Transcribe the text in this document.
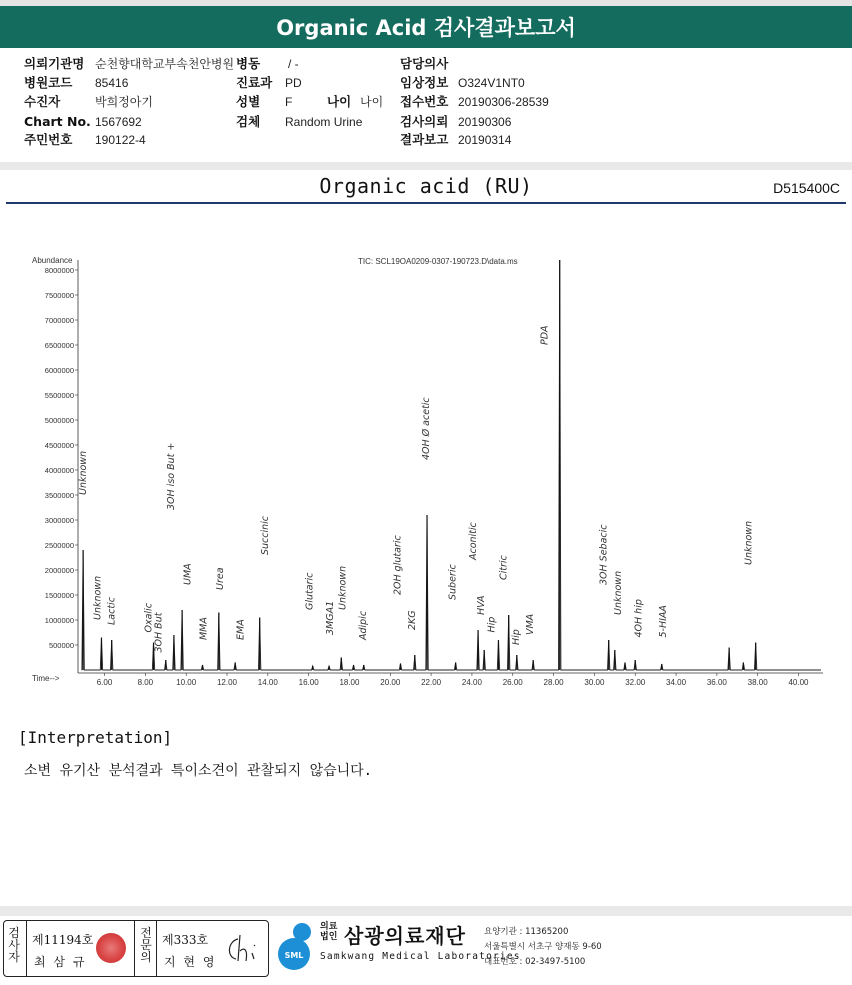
Organic Acid 검사결과보고서
의뢰기관명 순천향대학교부속천안병원 병동 / -	담당의사
병원코드 85416	진료과 PD	임상정보 O324V1NT0
수진자	박희정아기	성별 F	나이 나이 접수번호 20190306-28539
Chart No. 1567692	검체 Random Urine	검사의뢰 20190306
주민번호 190122-4	결과보고 20190314
Organic acid (RU)	D515400C
500000
1000000
1500000
2000000
2500000
3000000
3500000
4000000
4500000
5000000
5500000
6000000
6500000
7000000
7500000
8000000
6.00	8.00	10.00	12.00	14.00	16.00	18.00	20.00	22.00	24.00	26.00	28.00	30.00	32.00	34.00	36.00	38.00	40.00
Unknown
Unknown Lactic	Oxalic 3OH But
3OH iso But +
UMA
MMA
Urea
EMA
Succinic
Glutaric
3MGA1
Unknown
Adipic
2OH glutaric
2KG
4OH Ø acetic
Suberic
Aconitic
HVA
Hip
Citric
Hip
VMA
PDA
3OH Sebacic
Unknown
4OH hip 5-HIAA
Unknown
TIC: SCL19OA0209-0307-190723.D\data.ms
Abundance
Time-->
[Interpretation]
소변 유기산 분석결과 특이소견이 관찰되지 않습니다.
검
사
자
제11194호
최 삼 규
전
문
의
제333호
지 현 영	SML
의료법인 삼광의료재단
Samkwang Medical Laboratories
요양기관 : 11365200
서울특별시 서초구 양재동 9-60
대표번호 : 02-3497-5100
